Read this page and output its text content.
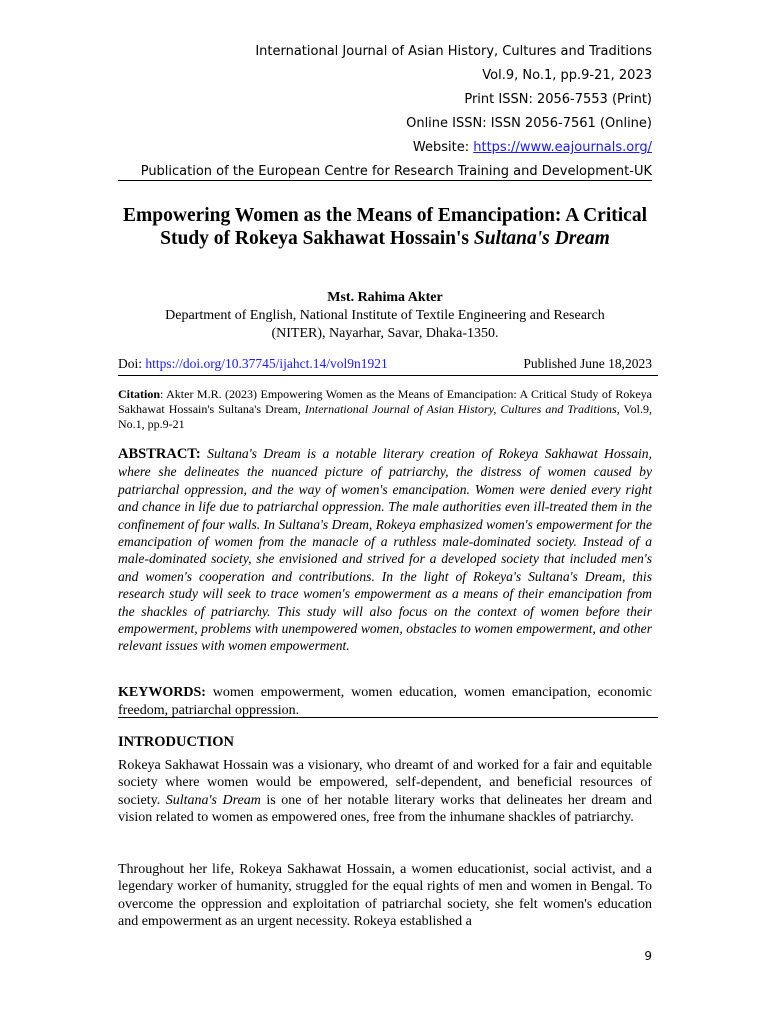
International Journal of Asian History, Cultures and Traditions
Vol.9, No.1, pp.9-21, 2023
Print ISSN: 2056-7553 (Print)
Online ISSN: ISSN 2056-7561 (Online)
Website: https://www.eajournals.org/
Publication of the European Centre for Research Training and Development-UK
Empowering Women as the Means of Emancipation: A Critical Study of Rokeya Sakhawat Hossain's Sultana's Dream
Mst. Rahima Akter
Department of English, National Institute of Textile Engineering and Research
(NITER), Nayarhar, Savar, Dhaka-1350.
Doi: https://doi.org/10.37745/ijahct.14/vol9n1921	Published June 18,2023
Citation: Akter M.R. (2023) Empowering Women as the Means of Emancipation: A Critical Study of Rokeya Sakhawat Hossain's Sultana's Dream, International Journal of Asian History, Cultures and Traditions, Vol.9, No.1, pp.9-21
ABSTRACT: Sultana's Dream is a notable literary creation of Rokeya Sakhawat Hossain, where she delineates the nuanced picture of patriarchy, the distress of women caused by patriarchal oppression, and the way of women's emancipation. Women were denied every right and chance in life due to patriarchal oppression. The male authorities even ill-treated them in the confinement of four walls. In Sultana's Dream, Rokeya emphasized women's empowerment for the emancipation of women from the manacle of a ruthless male-dominated society. Instead of a male-dominated society, she envisioned and strived for a developed society that included men's and women's cooperation and contributions. In the light of Rokeya's Sultana's Dream, this research study will seek to trace women's empowerment as a means of their emancipation from the shackles of patriarchy. This study will also focus on the context of women before their empowerment, problems with unempowered women, obstacles to women empowerment, and other relevant issues with women empowerment.
KEYWORDS: women empowerment, women education, women emancipation, economic freedom, patriarchal oppression.
INTRODUCTION

Rokeya Sakhawat Hossain was a visionary, who dreamt of and worked for a fair and equitable society where women would be empowered, self-dependent, and beneficial resources of society. Sultana's Dream is one of her notable literary works that delineates her dream and vision related to women as empowered ones, free from the inhumane shackles of patriarchy.

Throughout her life, Rokeya Sakhawat Hossain, a women educationist, social activist, and a legendary worker of humanity, struggled for the equal rights of men and women in Bengal. To overcome the oppression and exploitation of patriarchal society, she felt women's education and empowerment as an urgent necessity. Rokeya established a

9
